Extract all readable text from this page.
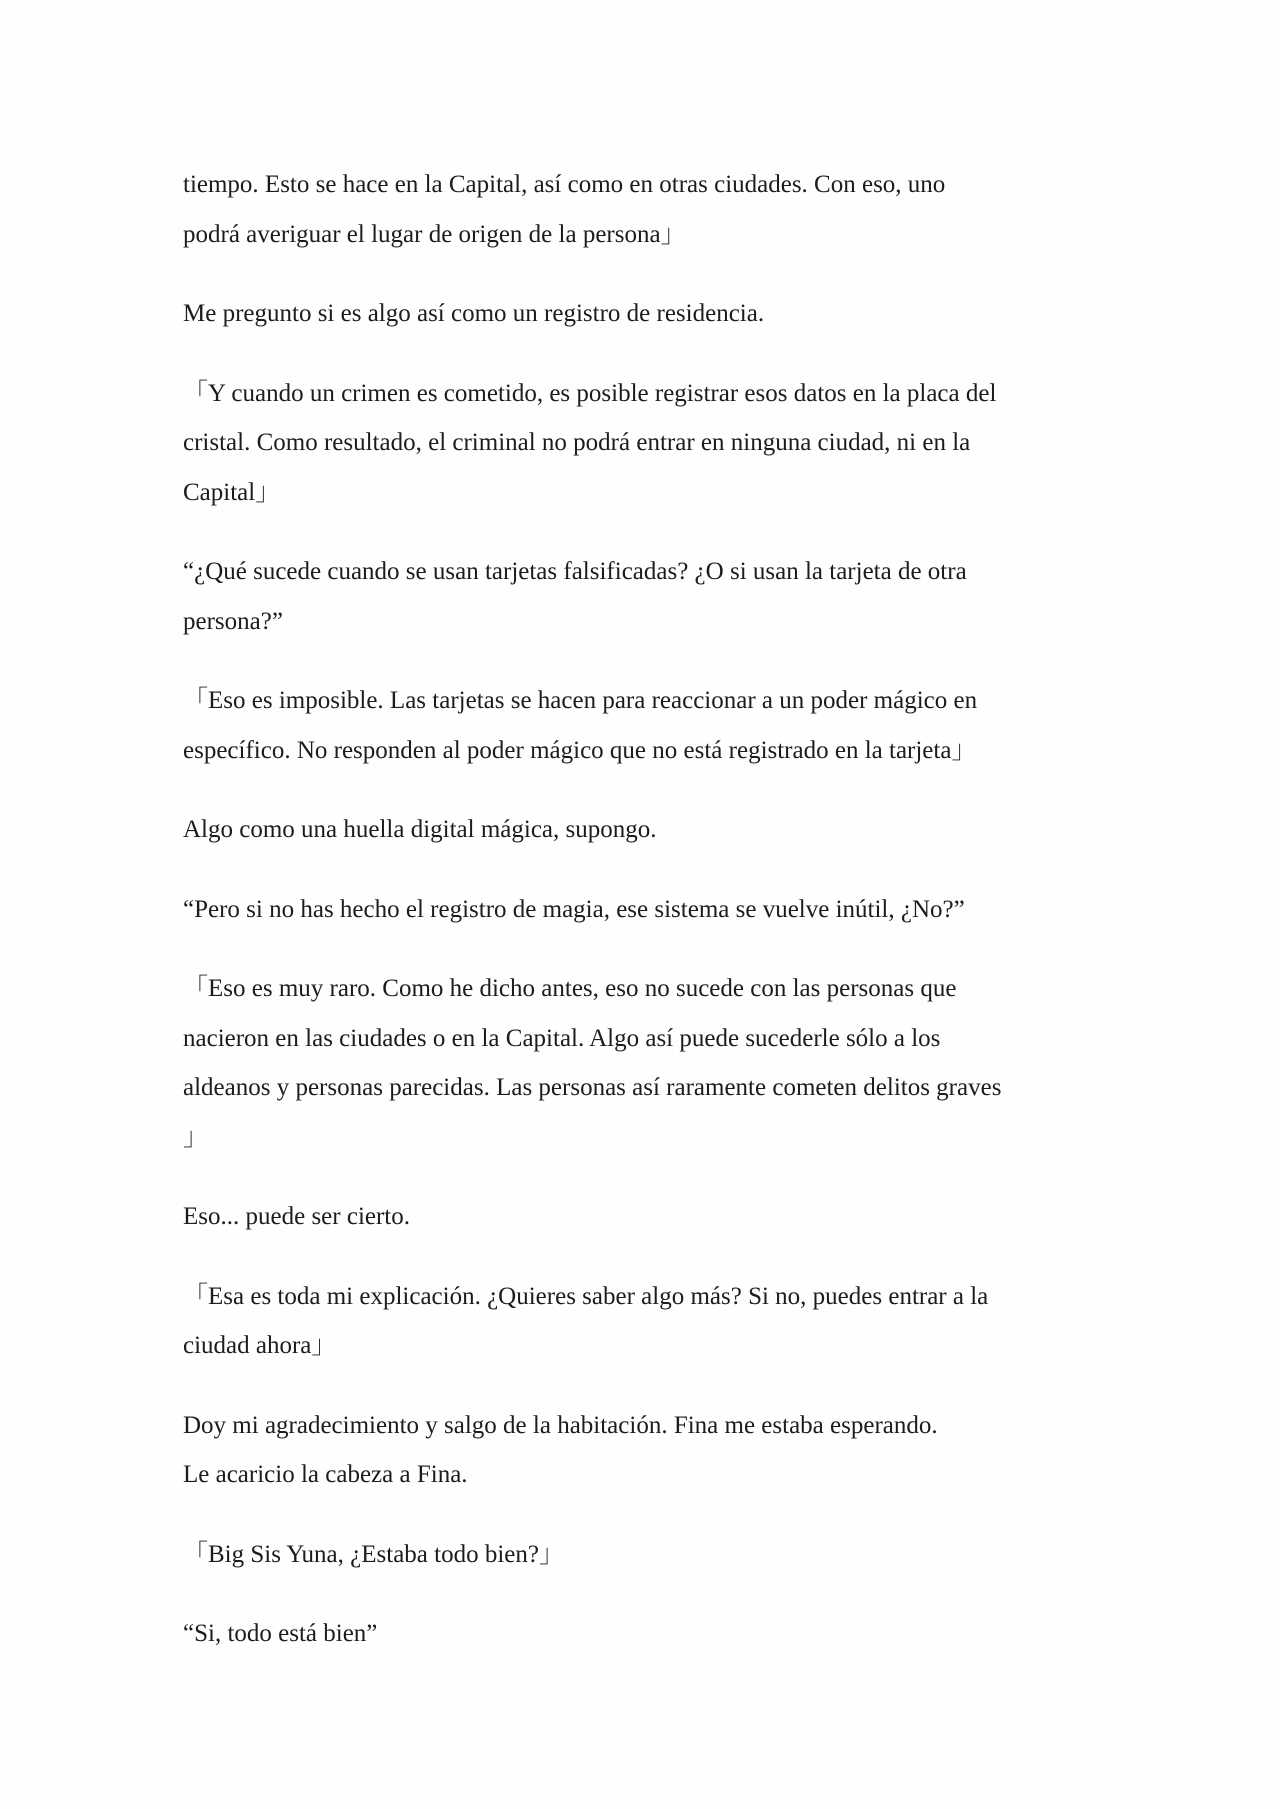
tiempo. Esto se hace en la Capital, así como en otras ciudades. Con eso, uno
podrá averiguar el lugar de origen de la persona」

Me pregunto si es algo así como un registro de residencia.

「Y cuando un crimen es cometido, es posible registrar esos datos en la placa del
cristal. Como resultado, el criminal no podrá entrar en ninguna ciudad, ni en la
Capital」

“¿Qué sucede cuando se usan tarjetas falsificadas? ¿O si usan la tarjeta de otra
persona?”

「Eso es imposible. Las tarjetas se hacen para reaccionar a un poder mágico en
específico. No responden al poder mágico que no está registrado en la tarjeta」

Algo como una huella digital mágica, supongo.

“Pero si no has hecho el registro de magia, ese sistema se vuelve inútil, ¿No?”

「Eso es muy raro. Como he dicho antes, eso no sucede con las personas que
nacieron en las ciudades o en la Capital. Algo así puede sucederle sólo a los
aldeanos y personas parecidas. Las personas así raramente cometen delitos graves
」

Eso... puede ser cierto.

「Esa es toda mi explicación. ¿Quieres saber algo más? Si no, puedes entrar a la
ciudad ahora」

Doy mi agradecimiento y salgo de la habitación. Fina me estaba esperando.
Le acaricio la cabeza a Fina.

「Big Sis Yuna, ¿Estaba todo bien?」

“Si, todo está bien”
